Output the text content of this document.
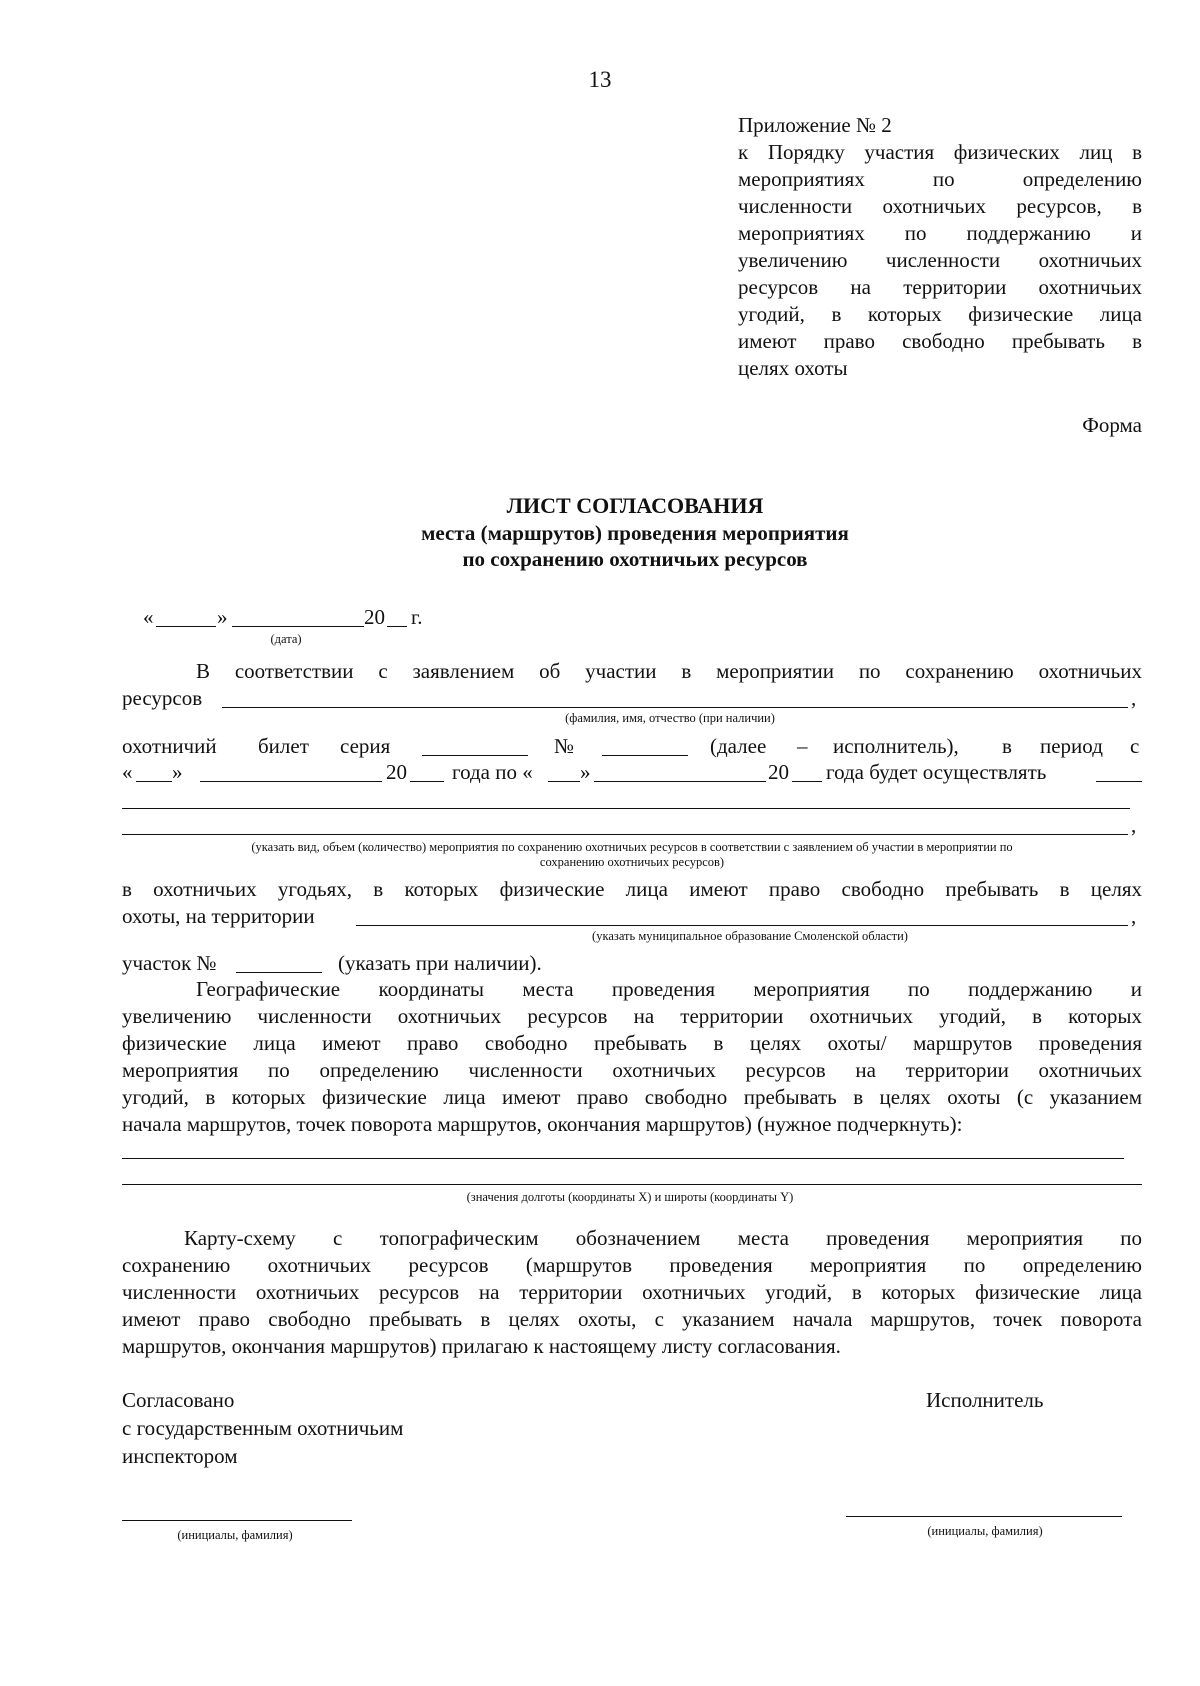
13
Приложение № 2
к Порядку участия физических лиц в
мероприятиях по определению
численности охотничьих ресурсов, в
мероприятиях по поддержанию и
увеличению численности охотничьих
ресурсов на территории охотничьих
угодий, в которых физические лица
имеют право свободно пребывать в
целях охоты
Форма
ЛИСТ СОГЛАСОВАНИЯ
места (маршрутов) проведения мероприятия
по сохранению охотничьих ресурсов
«	»	20 г.
(дата)
В соответствии с заявлением об участии в мероприятии по сохранению охотничьих
ресурсов	,
(фамилия, имя, отчество (при наличии)
охотничий билет серия	№	(далее – исполнитель), в период с
« »	20 года по « »	20 года будет осуществлять
,
(указать вид, объем (количество) мероприятия по сохранению охотничьих ресурсов в соответствии с заявлением об участии в мероприятии по
сохранению охотничьих ресурсов)
в охотничьих угодьях, в которых физические лица имеют право свободно пребывать в целях
охоты, на территории	,
(указать муниципальное образование Смоленской области)
участок №	(указать при наличии).
Географические координаты места проведения мероприятия по поддержанию и
увеличению численности охотничьих ресурсов на территории охотничьих угодий, в которых
физические лица имеют право свободно пребывать в целях охоты/ маршрутов проведения
мероприятия по определению численности охотничьих ресурсов на территории охотничьих
угодий, в которых физические лица имеют право свободно пребывать в целях охоты (с указанием
начала маршрутов, точек поворота маршрутов, окончания маршрутов) (нужное подчеркнуть):
(значения долготы (координаты X) и широты (координаты Y)
Карту-схему с топографическим обозначением места проведения мероприятия по
сохранению охотничьих ресурсов (маршрутов проведения мероприятия по определению
численности охотничьих ресурсов на территории охотничьих угодий, в которых физические лица
имеют право свободно пребывать в целях охоты, с указанием начала маршрутов, точек поворота
маршрутов, окончания маршрутов) прилагаю к настоящему листу согласования.
Согласовано
с государственным охотничьим
инспектором
Исполнитель
(инициалы, фамилия)	(инициалы, фамилия)
